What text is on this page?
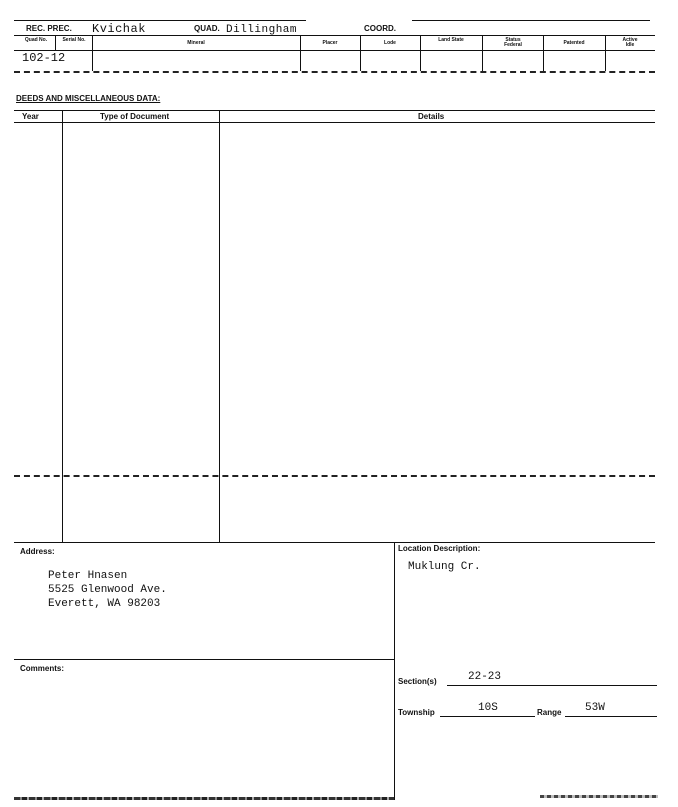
REC. PREC. Kvichak	QUAD. Dillingham	COORD.
Quad No.	Serial No.	Mineral	Placer	Lode	Land State	Status Federal	Patented	Active Idle
102-12
DEEDS AND MISCELLANEOUS DATA:
Year	Type of Document	Details
Address:
Peter Hnasen
5525 Glenwood Ave.
Everett, WA 98203
Comments:
Location Description:
Muklung Cr.
Section(s)	22-23
Township	10S	Range 53W
